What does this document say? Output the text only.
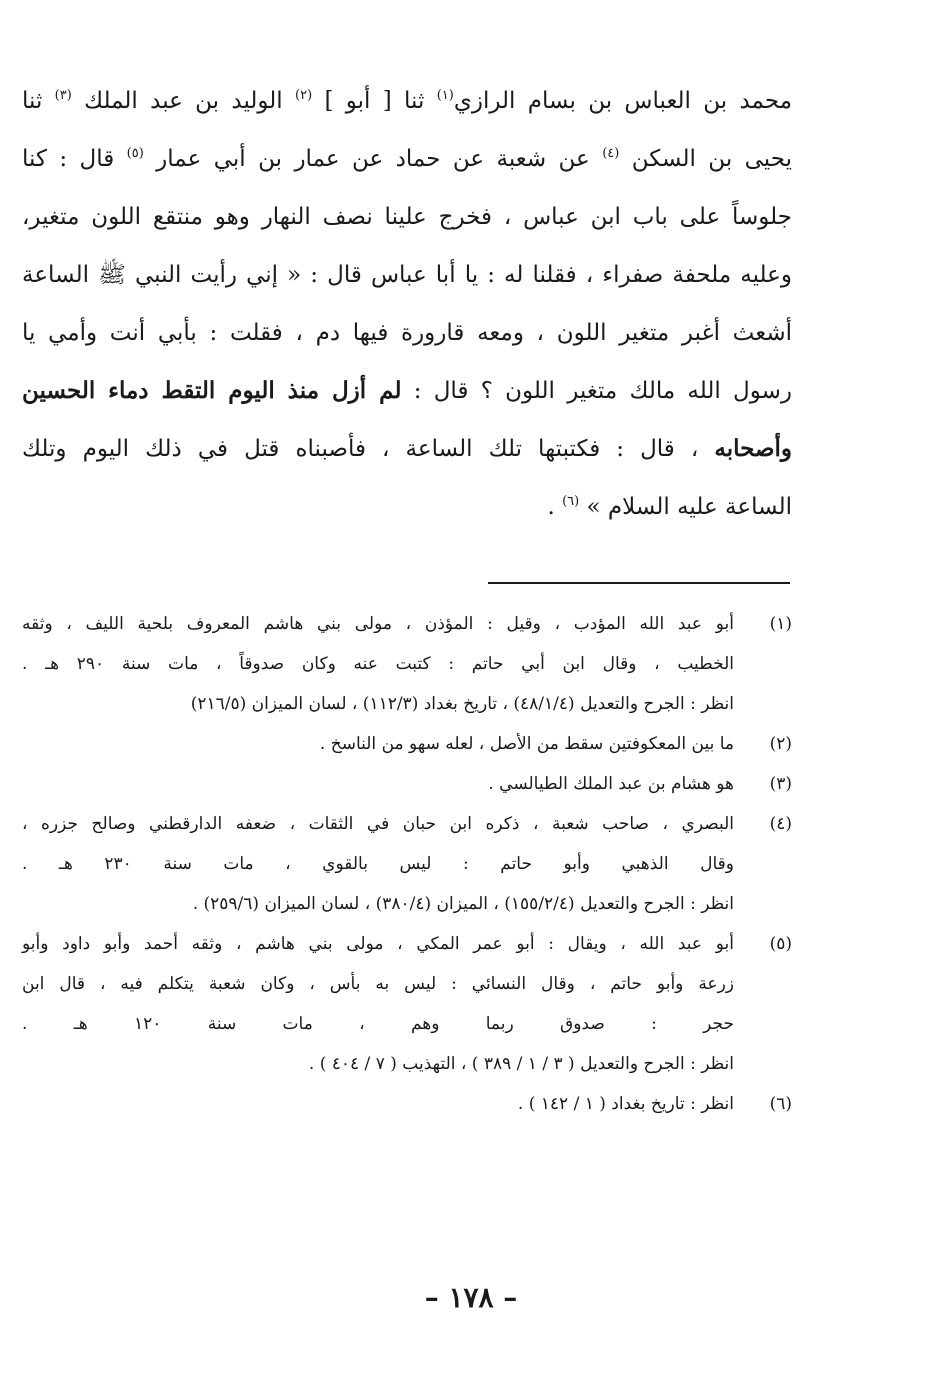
محمد بن العباس بن بسام الرازي$^{(١)}$ ثنا [ أبو ] $^{(٢)}$ الوليد بن عبد الملك $^{(٣)}$ ثنا
يحيى بن السكن $^{(٤)}$ عن شعبة عن حماد عن عمار بن أبي عمار $^{(٥)}$ قال : كنا
جلوساً على باب ابن عباس ، فخرج علينا نصف النهار وهو منتقع اللون متغير،
وعليه ملحفة صفراء ، فقلنا له : يا أبا عباس قال : « إني رأيت النبي ﷺ الساعة
أشعث أغبر متغير اللون ، ومعه قارورة فيها دم ، فقلت : بأبي أنت وأمي يا
رسول الله مالك متغير اللون ؟ قال : لم أزل منذ اليوم التقط دماء الحسين
وأصحابه ، قال : فكتبتها تلك الساعة ، فأصبناه قتل في ذلك اليوم وتلك
الساعة عليه السلام » $^{(٦)}$ .
(١)
أبو عبد الله المؤدب ، وقيل : المؤذن ، مولى بني هاشم المعروف بلحية الليف ، وثقه
الخطيب ، وقال ابن أبي حاتم : كتبت عنه وكان صدوقاً ، مات سنة ٢٩٠ هـ .
انظر : الجرح والتعديل (٤٨/١/٤) ، تاريخ بغداد (١١٢/٣) ، لسان الميزان (٢١٦/٥)
(٢)
ما بين المعكوفتين سقط من الأصل ، لعله سهو من الناسخ .
(٣)
هو هشام بن عبد الملك الطيالسي .
(٤)
البصري ، صاحب شعبة ، ذكره ابن حبان في الثقات ، ضعفه الدارقطني وصالح جزره ،
وقال الذهبي وأبو حاتم : ليس بالقوي ، مات سنة ٢٣٠ هـ .
انظر : الجرح والتعديل (١٥٥/٢/٤) ، الميزان (٣٨٠/٤) ، لسان الميزان (٢٥٩/٦) .
(٥)
أبو عبد الله ، ويقال : أبو عمر المكي ، مولى بني هاشم ، وثقه أحمد وأبو داود وأبو
زرعة وأبو حاتم ، وقال النسائي : ليس به بأس ، وكان شعبة يتكلم فيه ، قال ابن
حجر : صدوق ربما وهم ، مات سنة ١٢٠ هـ .
انظر : الجرح والتعديل ( ٣ / ١ / ٣٨٩ ) ، التهذيب ( ٧ / ٤٠٤ ) .
(٦)
انظر : تاريخ بغداد ( ١ / ١٤٢ ) .
– ١٧٨ –
